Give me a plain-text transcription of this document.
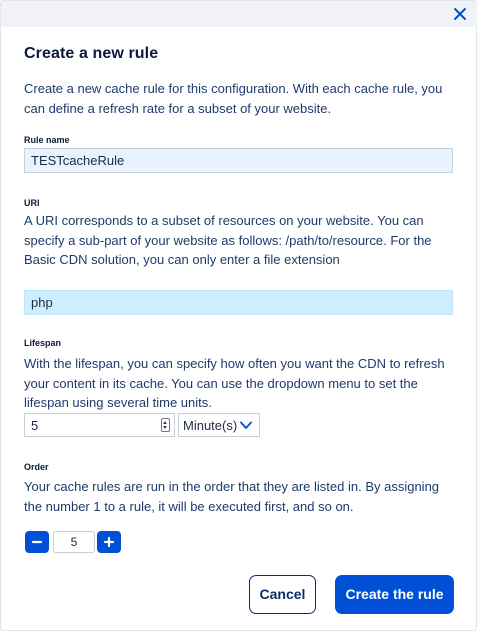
Create a new rule
Create a new cache rule for this configuration. With each cache rule, you can define a refresh rate for a subset of your website.
Rule name
TESTcacheRule
URI
A URI corresponds to a subset of resources on your website. You can specify a sub-part of your website as follows: /path/to/resource. For the Basic CDN solution, you can only enter a file extension
php
Lifespan
With the lifespan, you can specify how often you want the CDN to refresh your content in its cache. You can use the dropdown menu to set the lifespan using several time units.
5	Minute(s)
Order
Your cache rules are run in the order that they are listed in. By assigning the number 1 to a rule, it will be executed first, and so on.
5
Cancel	Create the rule
